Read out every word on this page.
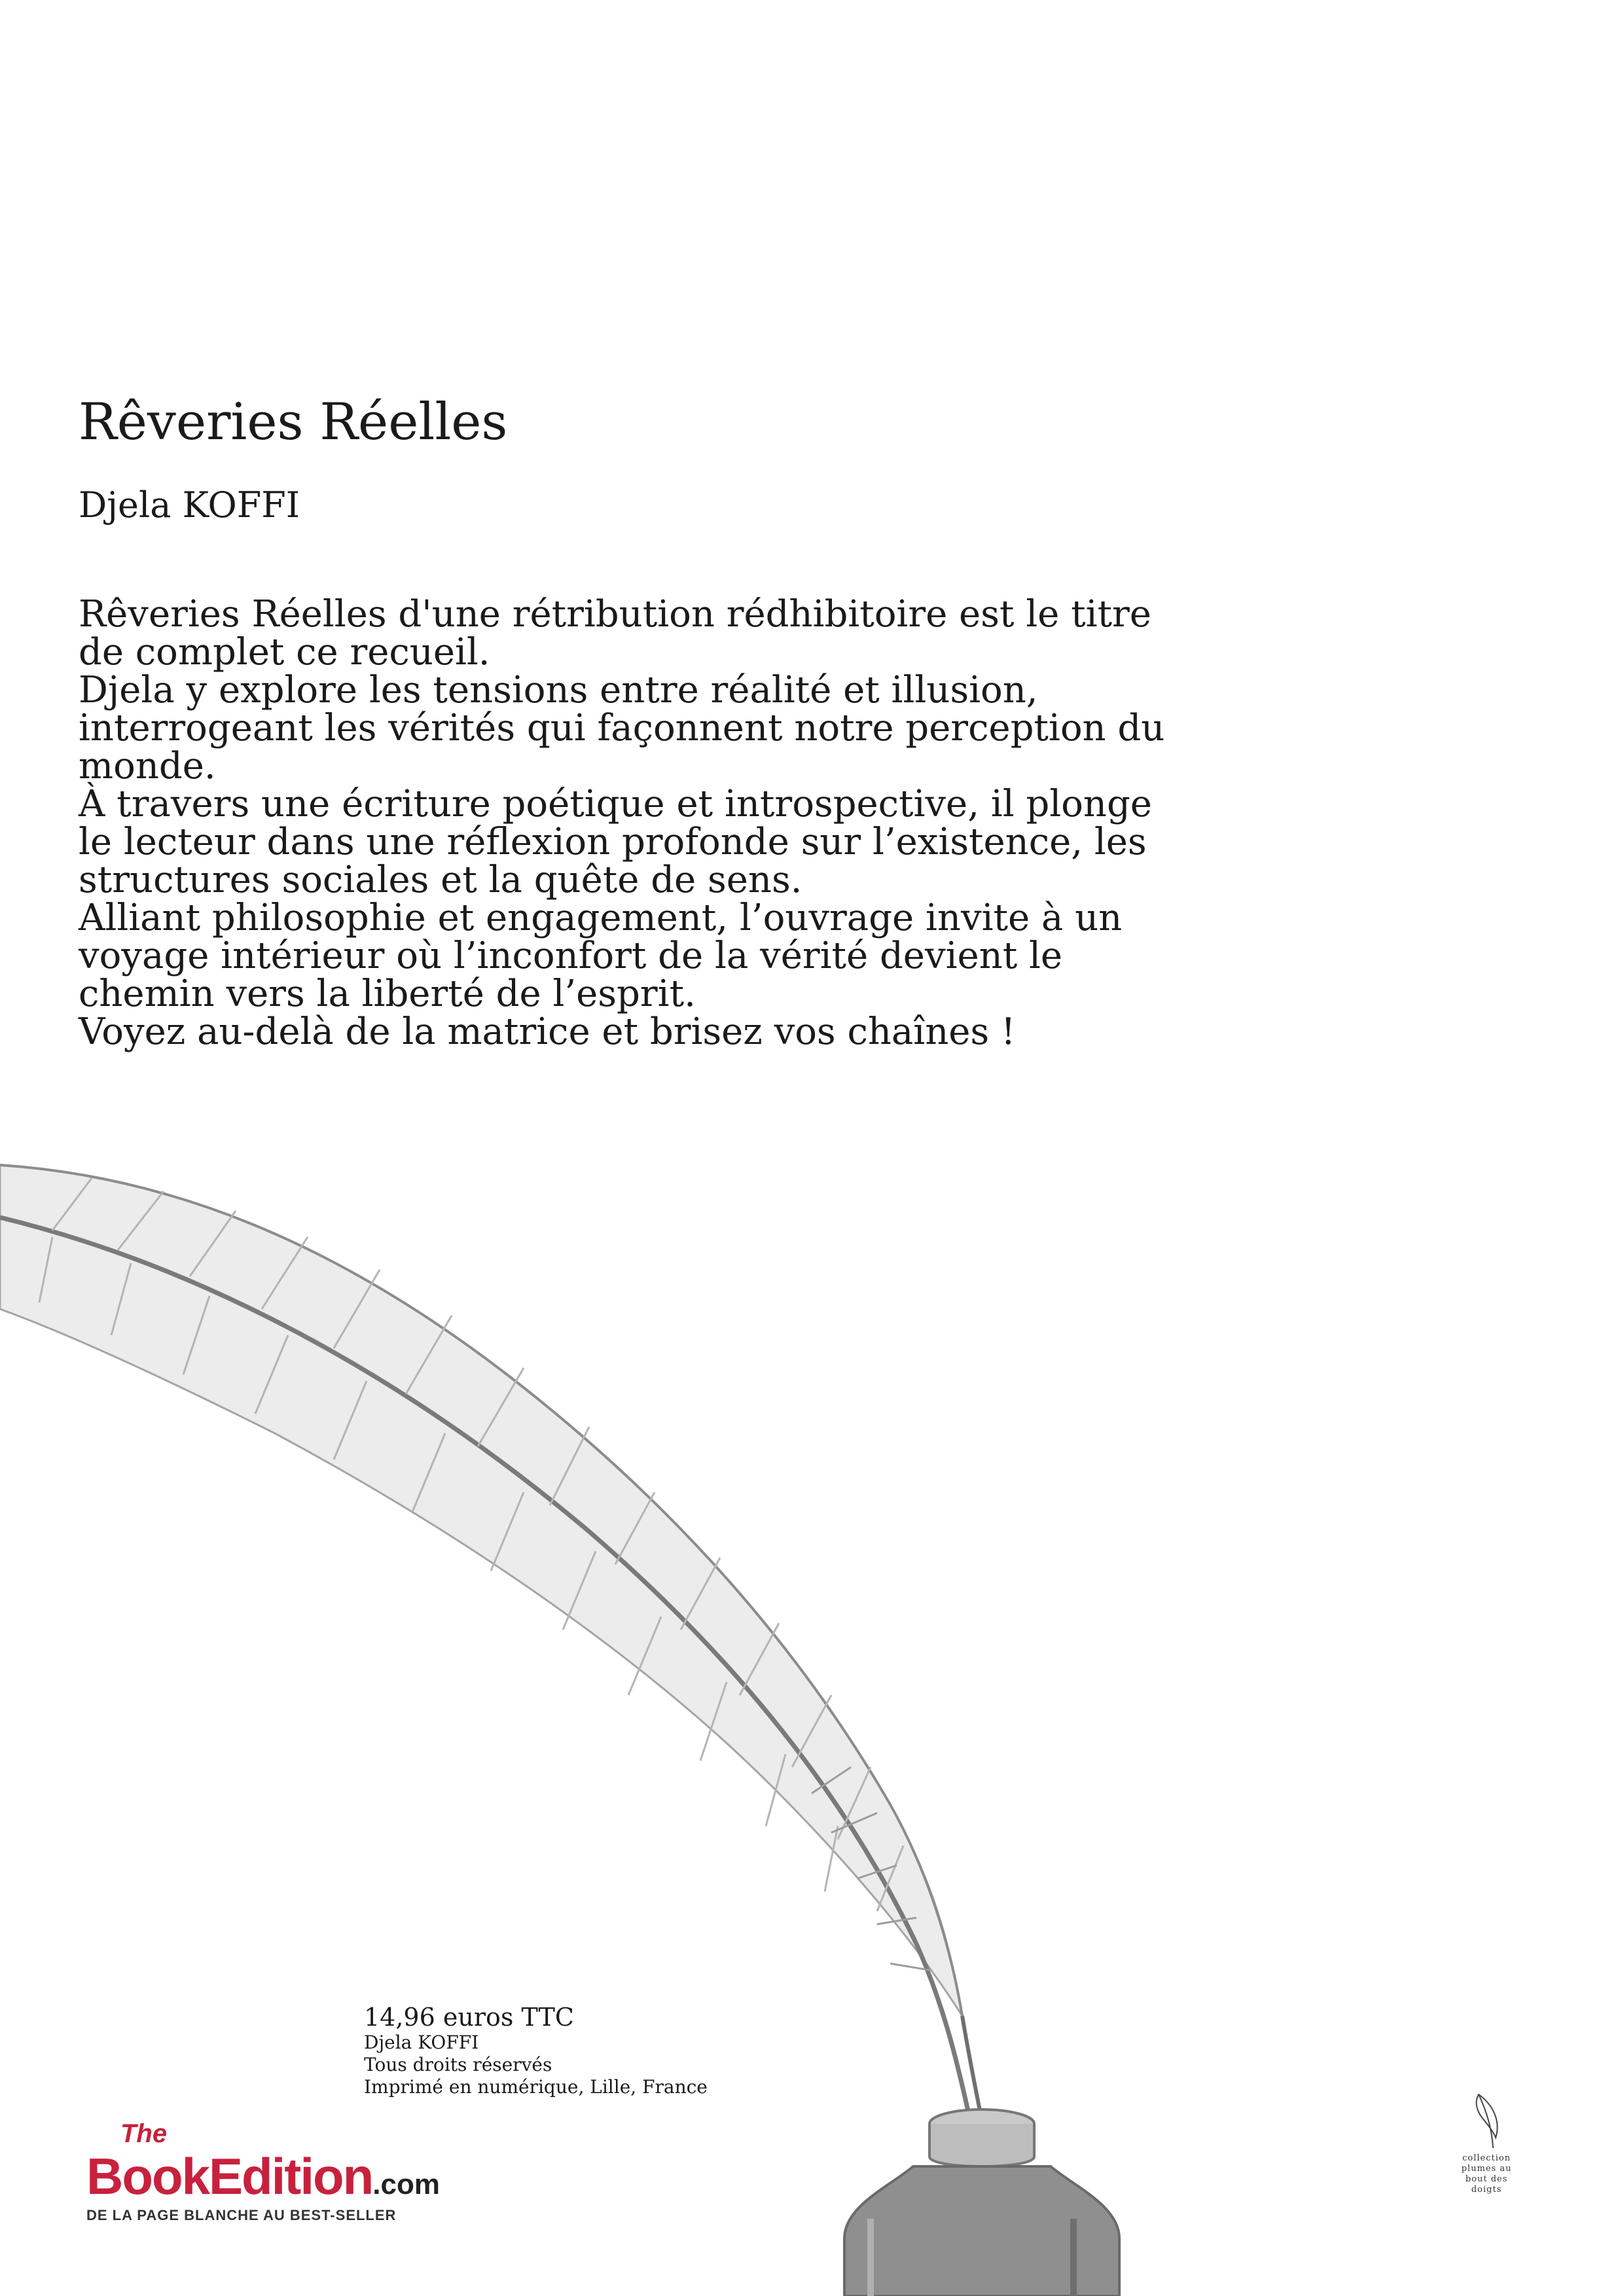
Rêveries Réelles
Djela KOFFI

Rêveries Réelles d'une rétribution rédhibitoire est le titre

de complet ce recueil.

Djela y explore les tensions entre réalité et illusion,

interrogeant les vérités qui façonnent notre perception du

monde.

À travers une écriture poétique et introspective, il plonge

le lecteur dans une réflexion profonde sur l’existence, les

structures sociales et la quête de sens.

Alliant philosophie et engagement, l’ouvrage invite à un

voyage intérieur où l’inconfort de la vérité devient le

chemin vers la liberté de l’esprit.

Voyez au-delà de la matrice et brisez vos chaînes !

14,96 euros TTC
Djela KOFFI
Tous droits réservés
Imprimé en numérique, Lille, France
The
BookEdition.com
DE LA PAGE BLANCHE AU BEST-SELLER
collection
plumes au
bout des
doigts
